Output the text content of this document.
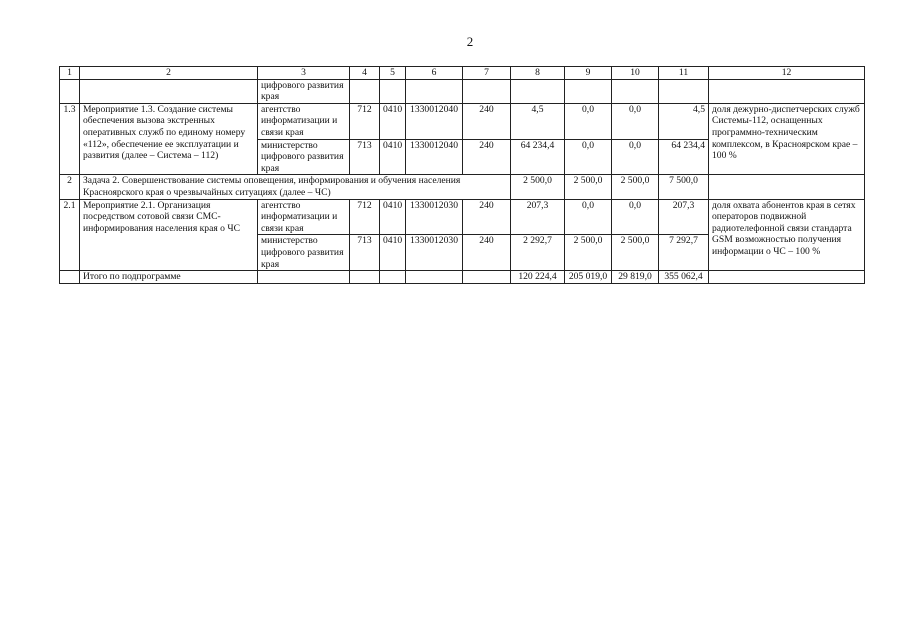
2
1	2	3	4	5	6	7	8	9	10	11	12
		цифрового развития края									
1.3	Мероприятие 1.3. Создание системы обеспечения вызова экстренных оперативных служб по единому номеру «112», обеспечение ее эксплуатации и развития (далее – Система – 112)	агентство информатизации и связи края	712	0410	1330012040	240	4,5	0,0	0,0	4,5	доля дежурно-диспетчерских служб Системы-112, оснащенных программно-техническим комплексом, в Красноярском крае – 100 %
		министерство цифрового развития края	713	0410	1330012040	240	64 234,4	0,0	0,0	64 234,4	
2	Задача 2. Совершенствование системы оповещения, информирования и обучения населения Красноярского края о чрезвычайных ситуациях (далее – ЧС)						2 500,0	2 500,0	2 500,0	7 500,0	
2.1	Мероприятие 2.1. Организация посредством сотовой связи СМС-информирования населения края о ЧС	агентство информатизации и связи края	712	0410	1330012030	240	207,3	0,0	0,0	207,3	доля охвата абонентов края в сетях операторов подвижной радиотелефонной связи стандарта GSM возможностью получения информации о ЧС – 100 %
		министерство цифрового развития края	713	0410	1330012030	240	2 292,7	2 500,0	2 500,0	7 292,7	
	Итого по подпрограмме						120 224,4	205 019,0	29 819,0	355 062,4	
